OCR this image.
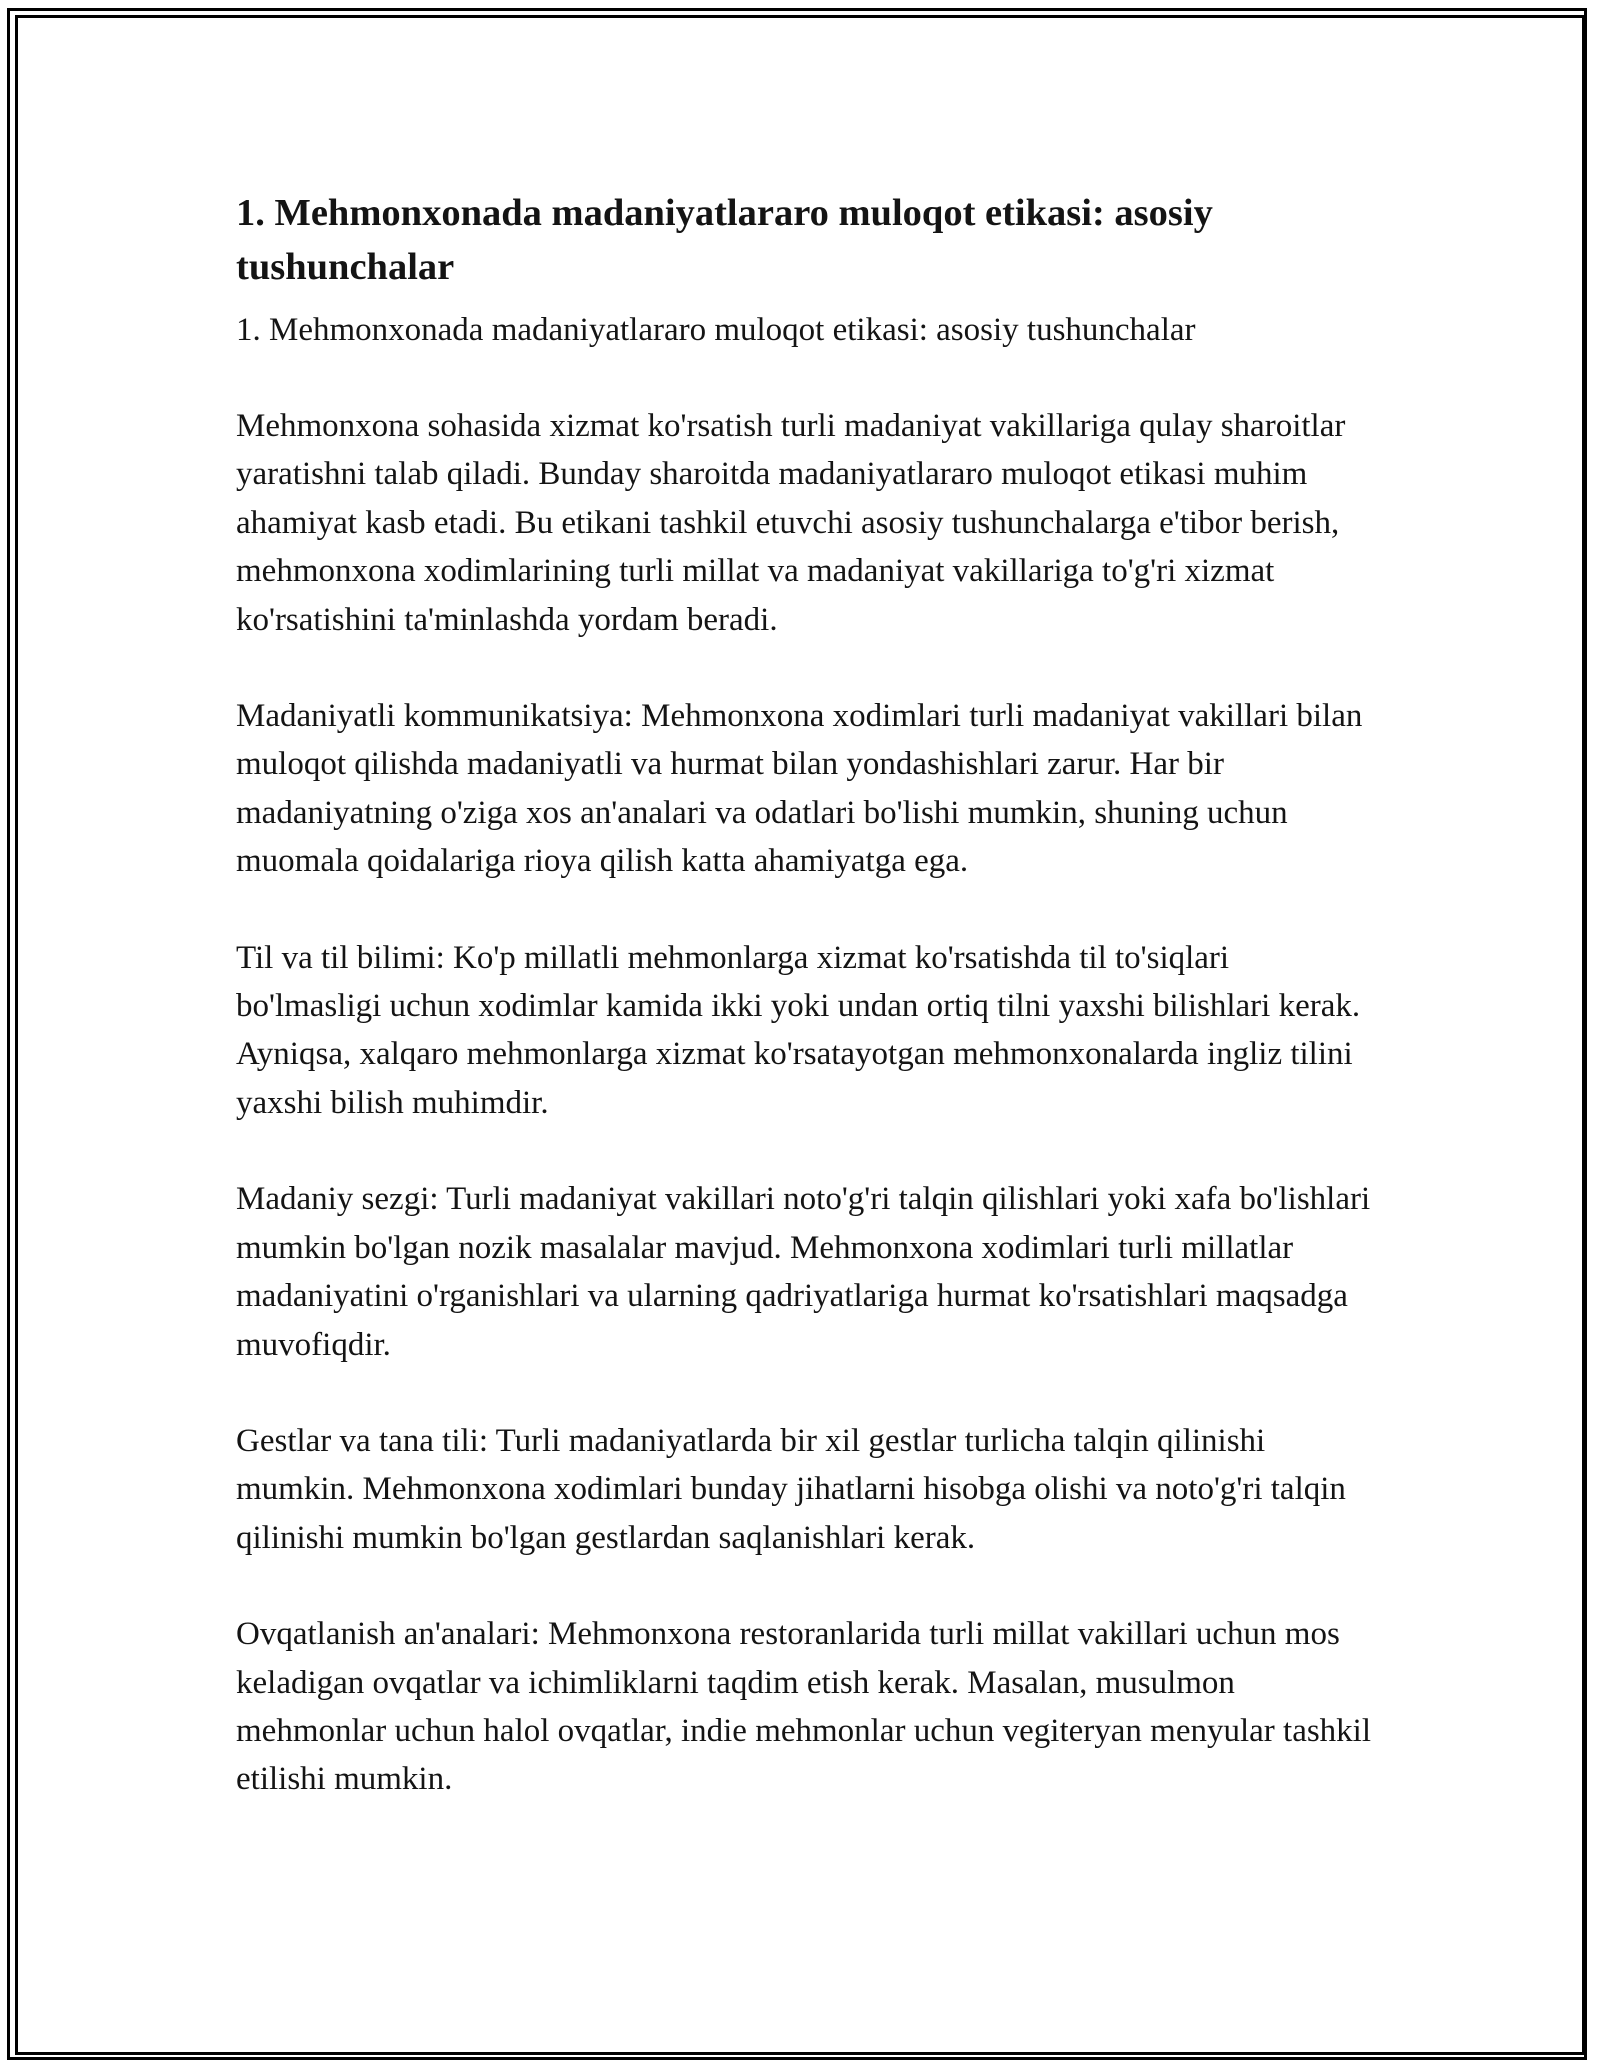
1. Mehmonxonada madaniyatlararo muloqot etikasi: asosiy tushunchalar

1. Mehmonxonada madaniyatlararo muloqot etikasi: asosiy tushunchalar

Mehmonxona sohasida xizmat ko'rsatish turli madaniyat vakillariga qulay sharoitlar yaratishni talab qiladi. Bunday sharoitda madaniyatlararo muloqot etikasi muhim ahamiyat kasb etadi. Bu etikani tashkil etuvchi asosiy tushunchalarga e'tibor berish, mehmonxona xodimlarining turli millat va madaniyat vakillariga to'g'ri xizmat ko'rsatishini ta'minlashda yordam beradi.

Madaniyatli kommunikatsiya: Mehmonxona xodimlari turli madaniyat vakillari bilan muloqot qilishda madaniyatli va hurmat bilan yondashishlari zarur. Har bir madaniyatning o'ziga xos an'analari va odatlari bo'lishi mumkin, shuning uchun muomala qoidalariga rioya qilish katta ahamiyatga ega.

Til va til bilimi: Ko'p millatli mehmonlarga xizmat ko'rsatishda til to'siqlari bo'lmasligi uchun xodimlar kamida ikki yoki undan ortiq tilni yaxshi bilishlari kerak. Ayniqsa, xalqaro mehmonlarga xizmat ko'rsatayotgan mehmonxonalarda ingliz tilini yaxshi bilish muhimdir.

Madaniy sezgi: Turli madaniyat vakillari noto'g'ri talqin qilishlari yoki xafa bo'lishlari mumkin bo'lgan nozik masalalar mavjud. Mehmonxona xodimlari turli millatlar madaniyatini o'rganishlari va ularning qadriyatlariga hurmat ko'rsatishlari maqsadga muvofiqdir.

Gestlar va tana tili: Turli madaniyatlarda bir xil gestlar turlicha talqin qilinishi mumkin. Mehmonxona xodimlari bunday jihatlarni hisobga olishi va noto'g'ri talqin qilinishi mumkin bo'lgan gestlardan saqlanishlari kerak.

Ovqatlanish an'analari: Mehmonxona restoranlarida turli millat vakillari uchun mos keladigan ovqatlar va ichimliklarni taqdim etish kerak. Masalan, musulmon mehmonlar uchun halol ovqatlar, indie mehmonlar uchun vegiteryan menyular tashkil etilishi mumkin.
